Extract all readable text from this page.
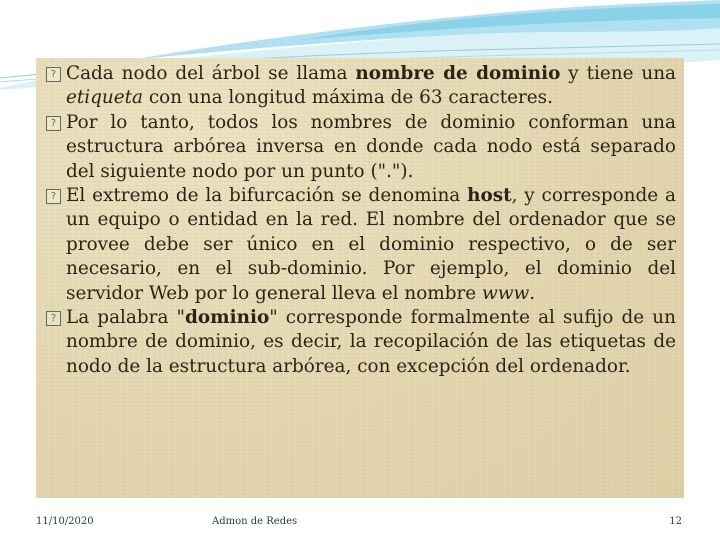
? Cada nodo del árbol se llama nombre de dominio y tiene una etiqueta con una longitud máxima de 63 caracteres.

? Por lo tanto, todos los nombres de dominio conforman una estructura arbórea inversa en donde cada nodo está separado del siguiente nodo por un punto (".").

? El extremo de la bifurcación se denomina host, y corresponde a un equipo o entidad en la red. El nombre del ordenador que se provee debe ser único en el dominio respectivo, o de ser necesario, en el sub-dominio. Por ejemplo, el dominio del servidor Web por lo general lleva el nombre www.

? La palabra "dominio" corresponde formalmente al sufijo de un nombre de dominio, es decir, la recopilación de las etiquetas de nodo de la estructura arbórea, con excepción del ordenador.

11/10/2020	Admon de Redes	12
